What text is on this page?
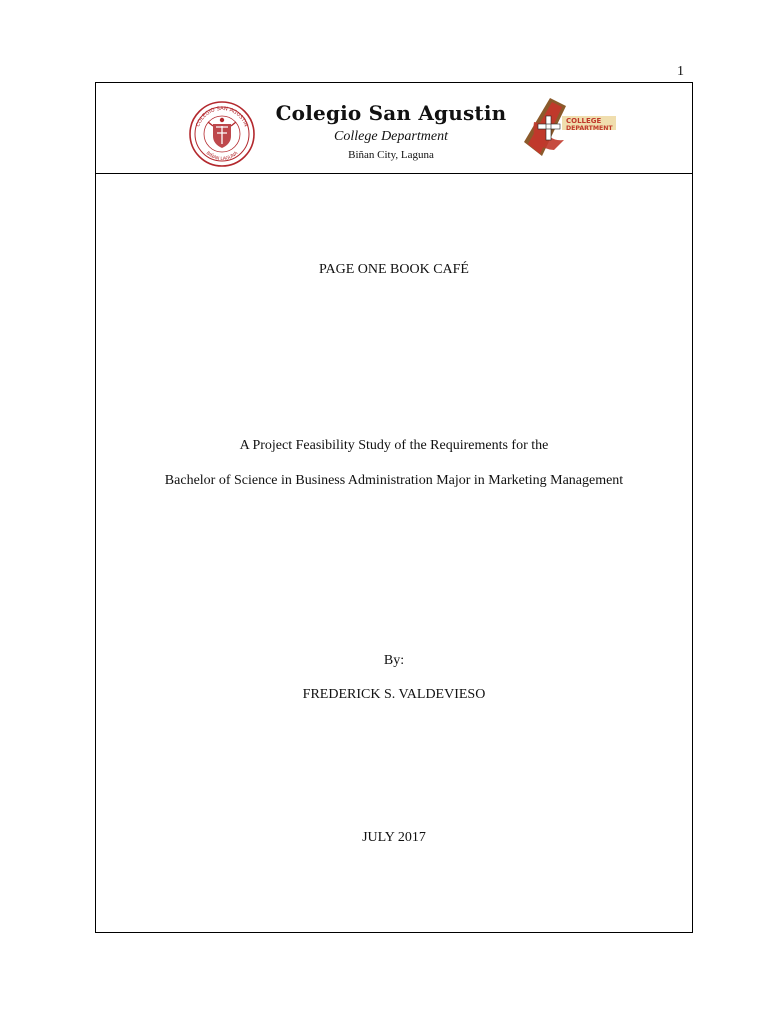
1
COLEGIO SAN AGUSTIN
BIÑAN LAGUNA
Colegio San Agustin
College Department
Biñan City, Laguna
COLLEGE
DEPARTMENT
PAGE ONE BOOK CAFÉ
A Project Feasibility Study of the Requirements for the
Bachelor of Science in Business Administration Major in Marketing Management
By:
FREDERICK S. VALDEVIESO
JULY 2017
